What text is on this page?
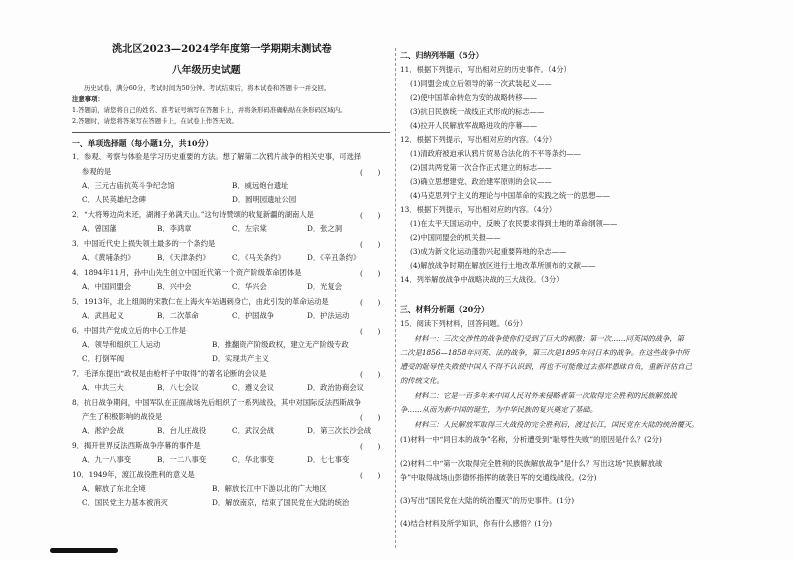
洮北区2023—2024学年度第一学期期末测试卷
八年级历史试题
历史试卷，满分60分，考试时间为50分钟。考试结束后，将本试卷和答题卡一并交回。
注意事项：
1.答题前，请您将自己的姓名、准考证号填写在答题卡上，并将条形码准确粘贴在条形码区域内。
2.答题时，请您将答案写在答题卡上，在试卷上作答无效。
一、单项选择题（每小题1分，共10分）
1．参观、考察与体验是学习历史重要的方法。想了解第二次鸦片战争的相关史事，可选择
参观的是	(　　)
A．三元古庙抗英斗争纪念馆	B．威远炮台遗址
C．人民英雄纪念碑	D．圆明园遗址公园
2．“大将筹边尚未还，湖湘子弟满天山。”这句诗赞颂的收复新疆的湖南人是	(　　)
A．曾国藩	B．李鸿章	C．左宗棠	D．张之洞
3．中国近代史上损失领土最多的一个条约是	(　　)
A．《黄埔条约》	B．《天津条约》	C．《马关条约》	D．《辛丑条约》
4．1894年11月，孙中山先生创立中国近代第一个资产阶级革命团体是	(　　)
A．中国同盟会	B．兴中会	C．华兴会	D．光复会
5．1913年，北上组阁的宋教仁在上海火车站遇刺身亡，由此引发的革命运动是	(　　)
A．武昌起义	B．二次革命	C．护国战争	D．护法运动
6．中国共产党成立后的中心工作是	(　　)
A．领导和组织工人运动	B．推翻资产阶级政权，建立无产阶级专政
C．打倒军阀	D．实现共产主义
7．毛泽东提出“政权是由枪杆子中取得”的著名论断的会议是	(　　)
A．中共三大	B．八七会议	C．遵义会议	D．政治协商会议
8．抗日战争期间，中国军队在正面战场先后组织了一系列战役，其中对国际反法西斯战争
产生了积极影响的战役是	(　　)
A．淞沪会战	B．台儿庄战役	C．武汉会战	D．第三次长沙会战
9．揭开世界反法西斯战争序幕的事件是	(　　)
A．九一八事变	B．一二八事变	C．华北事变	D．七七事变
10．1949年，渡江战役胜利的意义是	(　　)
A．解放了东北全境	B．解放长江中下游以北的广大地区
C．国民党主力基本被消灭	D．解放南京，结束了国民党在大陆的统治
二、归纳列举题（5分）
11．根据下列提示，写出相对应的历史事件。（4分）
(1)同盟会成立后领导的第一次武装起义——
(2)使中国革命转危为安的战略转移——
(3)抗日民族统一战线正式形成的标志——
(4)拉开人民解放军战略进攻的序幕——
12．根据下列提示，写出相对应的内容。（4分）
(1)清政府被迫承认鸦片贸易合法化的不平等条约——
(2)国共两党第一次合作正式建立的标志——
(3)确立思想建党、政治建军原则的会议——
(4)马克思列宁主义的理论与中国革命的实践之统一的思想——
13．根据下列提示，写出相对应的内容。（4分）
(1)在太平天国运动中，反映了农民要求得到土地的革命纲领——
(2)中国同盟会的机关报——
(3)成为新文化运动蓬勃兴起重要阵地的杂志——
(4)解放战争时期在解放区进行土地改革所颁布的文献——
14．列举解放战争中战略决战的三大战役。（3分）
三、材料分析题（20分）
15．阅读下列材料，回答问题。（6分）
材料一：三次交涉性的战争使你们受到了巨大的刺激；第一次……同英国的战争，第
二次是1856—1858年同英、法的战争，第三次是1895年同日本的战争。在这些战争中所
遭受的耻辱性失败使中国人不得不认识到，再也不可能像过去那样愚昧自负，重新评估自己
的传统文化。
材料二：它是一百多年来中国人民对外来侵略者第一次取得完全胜利的民族解放战
争……从而为新中国的诞生，为中华民族的复兴奠定了基础。
材料三：人民解放军取得三大战役的完全胜利后，渡过长江，国民党在大陆的统治覆灭。
(1)材料一中“同日本的战争”名称，分析遭受到“耻辱性失败”的原因是什么？(2分)
(2)材料二中“第一次取得完全胜利的民族解放战争”是什么？写出这场“民族解放战
争”中取得战场山彭德怀指挥的破袭日军的交通线战役。(2分)
(3)写出“国民党在大陆的统治覆灭”的历史事件。(1分)
(4)结合材料及所学知识，你有什么感悟？(1分)
